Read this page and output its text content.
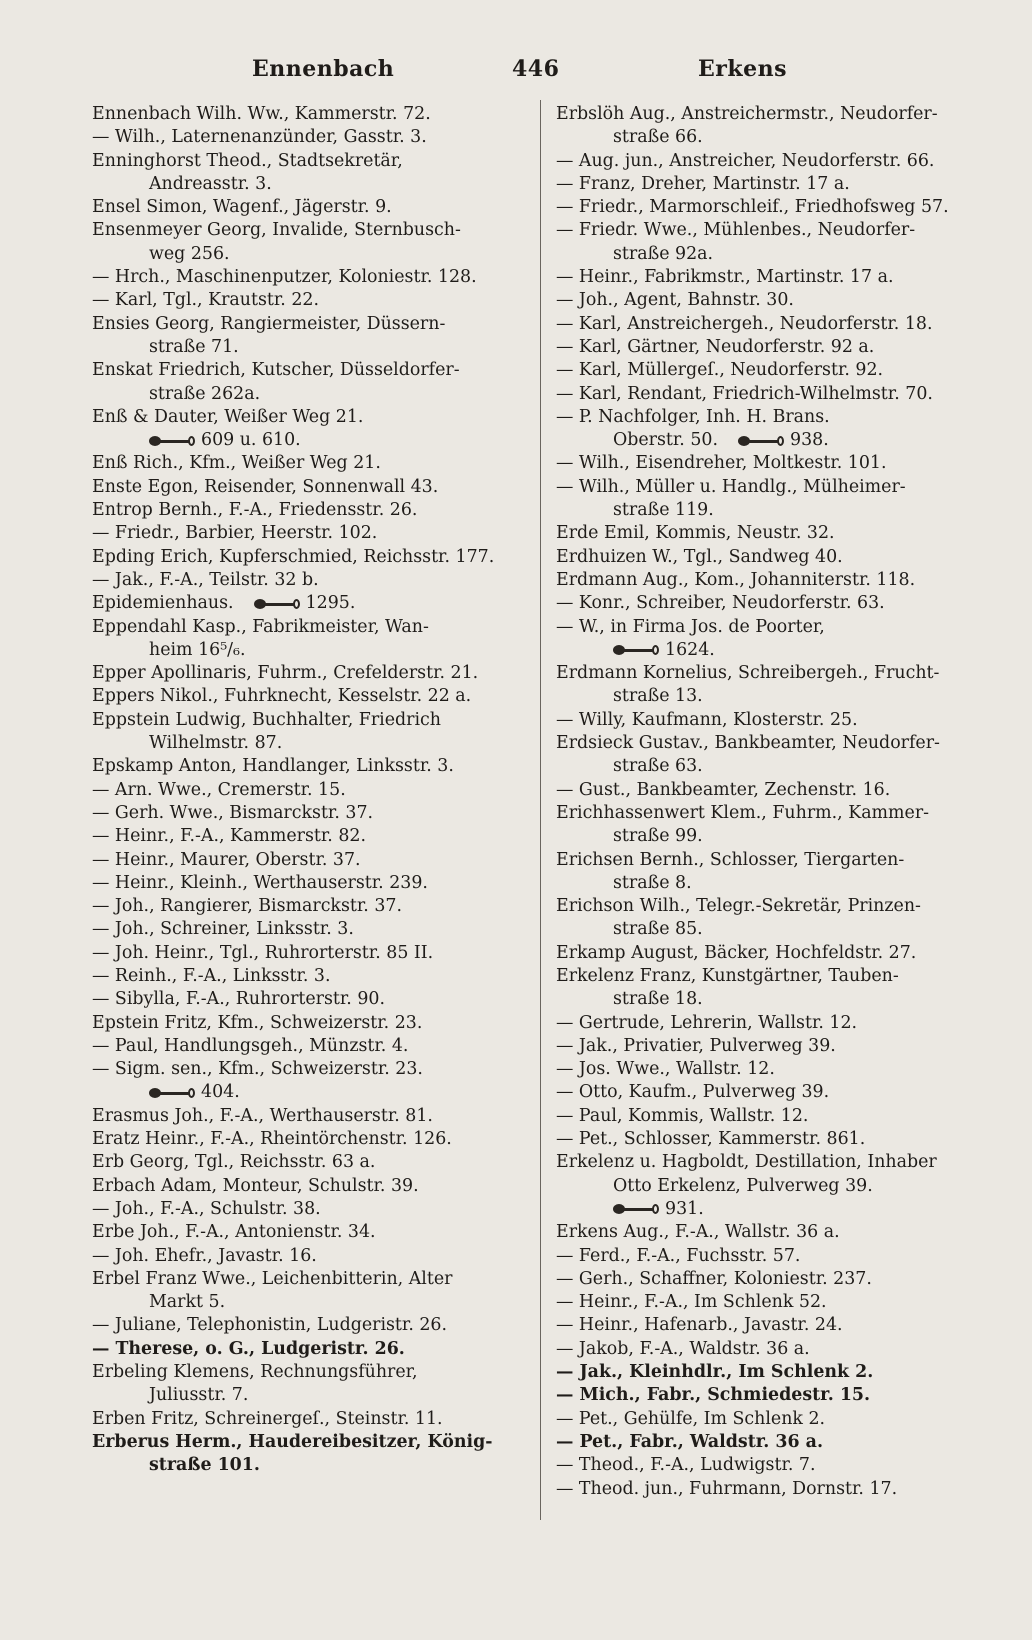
Ennenbach	446	Erkens
Ennenbach Wilh. Ww., Kammerstr. 72.
— Wilh., Laternenanzünder, Gasstr. 3.
Enninghorst Theod., Stadtsekretär,
Andreasstr. 3.
Ensel Simon, Wagenf., Jägerstr. 9.
Ensenmeyer Georg, Invalide, Sternbusch-
weg 256.
— Hrch., Maschinenputzer, Koloniestr. 128.
— Karl, Tgl., Krautstr. 22.
Ensies Georg, Rangiermeister, Düssern-
straße 71.
Enskat Friedrich, Kutscher, Düsseldorfer-
straße 262a.
Enß & Dauter, Weißer Weg 21.
609 u. 610.
Enß Rich., Kfm., Weißer Weg 21.
Enste Egon, Reisender, Sonnenwall 43.
Entrop Bernh., F.-A., Friedensstr. 26.
— Friedr., Barbier, Heerstr. 102.
Epding Erich, Kupferschmied, Reichsstr. 177.
— Jak., F.-A., Teilstr. 32 b.
Epidemienhaus.	1295.
Eppendahl Kasp., Fabrikmeister, Wan-
heim 16⁵/₆.
Epper Apollinaris, Fuhrm., Crefelderstr. 21.
Eppers Nikol., Fuhrknecht, Kesselstr. 22 a.
Eppstein Ludwig, Buchhalter, Friedrich
Wilhelmstr. 87.
Epskamp Anton, Handlanger, Linksstr. 3.
— Arn. Wwe., Cremerstr. 15.
— Gerh. Wwe., Bismarckstr. 37.
— Heinr., F.-A., Kammerstr. 82.
— Heinr., Maurer, Oberstr. 37.
— Heinr., Kleinh., Werthauserstr. 239.
— Joh., Rangierer, Bismarckstr. 37.
— Joh., Schreiner, Linksstr. 3.
— Joh. Heinr., Tgl., Ruhrorterstr. 85 II.
— Reinh., F.-A., Linksstr. 3.
— Sibylla, F.-A., Ruhrorterstr. 90.
Epstein Fritz, Kfm., Schweizerstr. 23.
— Paul, Handlungsgeh., Münzstr. 4.
— Sigm. sen., Kfm., Schweizerstr. 23.
404.
Erasmus Joh., F.-A., Werthauserstr. 81.
Eratz Heinr., F.-A., Rheintörchenstr. 126.
Erb Georg, Tgl., Reichsstr. 63 a.
Erbach Adam, Monteur, Schulstr. 39.
— Joh., F.-A., Schulstr. 38.
Erbe Joh., F.-A., Antonienstr. 34.
— Joh. Ehefr., Javastr. 16.
Erbel Franz Wwe., Leichenbitterin, Alter
Markt 5.
— Juliane, Telephonistin, Ludgeristr. 26.
— Therese, o. G., Ludgeristr. 26.
Erbeling Klemens, Rechnungsführer,
Juliusstr. 7.
Erben Fritz, Schreinergeſ., Steinstr. 11.
Erberus Herm., Haudereibesitzer, König-
straße 101.
Erbslöh Aug., Anstreichermstr., Neudorfer-
straße 66.
— Aug. jun., Anstreicher, Neudorferstr. 66.
— Franz, Dreher, Martinstr. 17 a.
— Friedr., Marmorschleif., Friedhofsweg 57.
— Friedr. Wwe., Mühlenbes., Neudorfer-
straße 92a.
— Heinr., Fabrikmstr., Martinstr. 17 a.
— Joh., Agent, Bahnstr. 30.
— Karl, Anstreichergeh., Neudorferstr. 18.
— Karl, Gärtner, Neudorferstr. 92 a.
— Karl, Müllergeſ., Neudorferstr. 92.
— Karl, Rendant, Friedrich-Wilhelmstr. 70.
— P. Nachfolger, Inh. H. Brans.
Oberstr. 50.	938.
— Wilh., Eisendreher, Moltkestr. 101.
— Wilh., Müller u. Handlg., Mülheimer-
straße 119.
Erde Emil, Kommis, Neustr. 32.
Erdhuizen W., Tgl., Sandweg 40.
Erdmann Aug., Kom., Johanniterstr. 118.
— Konr., Schreiber, Neudorferstr. 63.
— W., in Firma Jos. de Poorter,
1624.
Erdmann Kornelius, Schreibergeh., Frucht-
straße 13.
— Willy, Kaufmann, Klosterstr. 25.
Erdsieck Gustav., Bankbeamter, Neudorfer-
straße 63.
— Gust., Bankbeamter, Zechenstr. 16.
Erichhassenwert Klem., Fuhrm., Kammer-
straße 99.
Erichsen Bernh., Schlosser, Tiergarten-
straße 8.
Erichson Wilh., Telegr.-Sekretär, Prinzen-
straße 85.
Erkamp August, Bäcker, Hochfeldstr. 27.
Erkelenz Franz, Kunstgärtner, Tauben-
straße 18.
— Gertrude, Lehrerin, Wallstr. 12.
— Jak., Privatier, Pulverweg 39.
— Jos. Wwe., Wallstr. 12.
— Otto, Kaufm., Pulverweg 39.
— Paul, Kommis, Wallstr. 12.
— Pet., Schlosser, Kammerstr. 861.
Erkelenz u. Hagboldt, Destillation, Inhaber
Otto Erkelenz, Pulverweg 39.
931.
Erkens Aug., F.-A., Wallstr. 36 a.
— Ferd., F.-A., Fuchsstr. 57.
— Gerh., Schaffner, Koloniestr. 237.
— Heinr., F.-A., Im Schlenk 52.
— Heinr., Hafenarb., Javastr. 24.
— Jakob, F.-A., Waldstr. 36 a.
— Jak., Kleinhdlr., Im Schlenk 2.
— Mich., Fabr., Schmiedestr. 15.
— Pet., Gehülfe, Im Schlenk 2.
— Pet., Fabr., Waldstr. 36 a.
— Theod., F.-A., Ludwigstr. 7.
— Theod. jun., Fuhrmann, Dornstr. 17.
